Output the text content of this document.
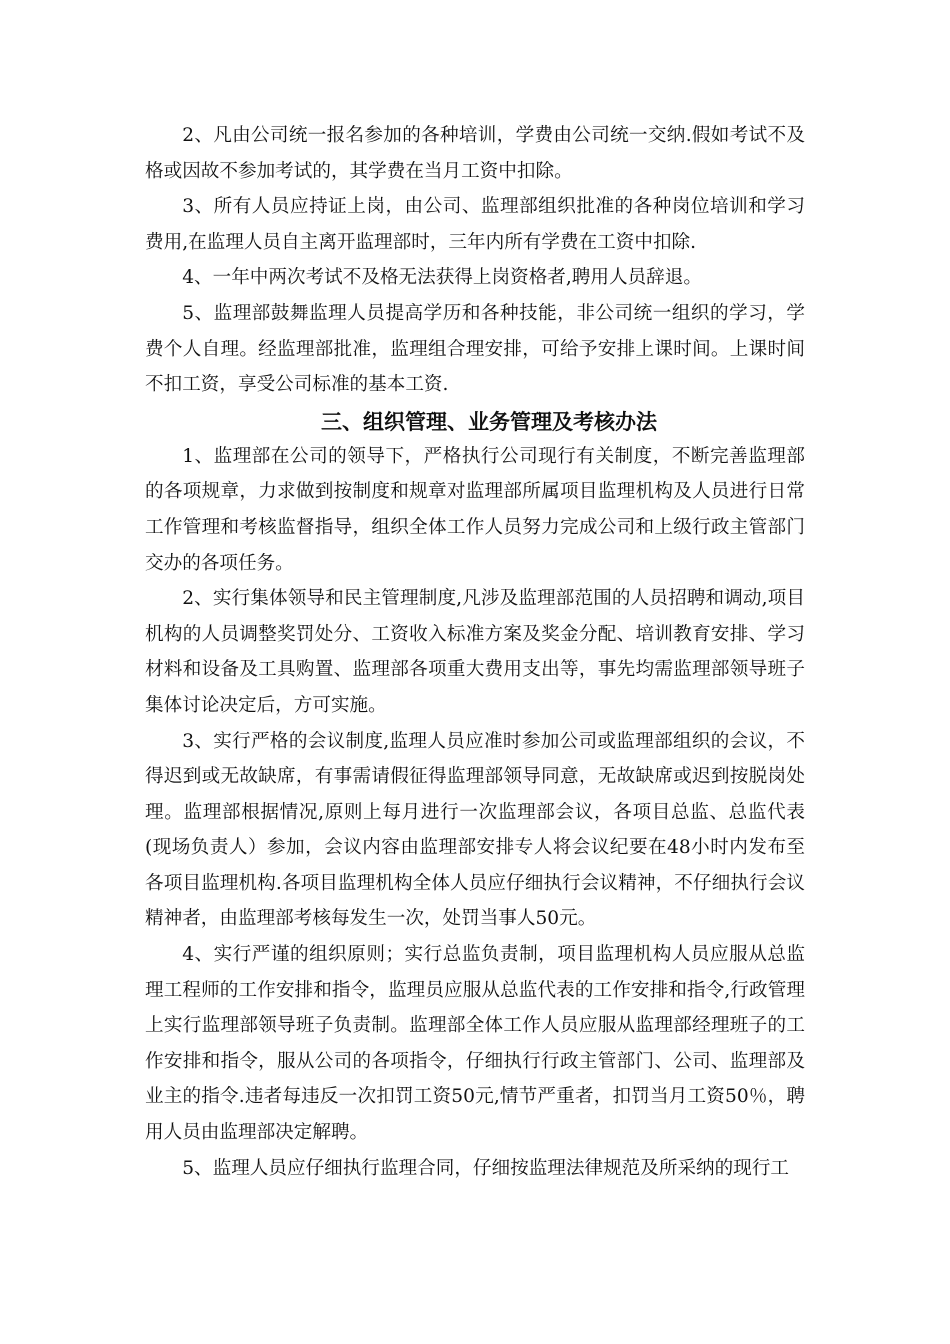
2、凡由公司统一报名参加的各种培训，学费由公司统一交纳.假如考试不及格或因故不参加考试的，其学费在当月工资中扣除。

3、所有人员应持证上岗，由公司、监理部组织批准的各种岗位培训和学习费用,在监理人员自主离开监理部时，三年内所有学费在工资中扣除.

4、一年中两次考试不及格无法获得上岗资格者,聘用人员辞退。

5、监理部鼓舞监理人员提高学历和各种技能，非公司统一组织的学习，学费个人自理。经监理部批准，监理组合理安排，可给予安排上课时间。上课时间不扣工资，享受公司标准的基本工资.

三、组织管理、业务管理及考核办法

1、监理部在公司的领导下，严格执行公司现行有关制度，不断完善监理部的各项规章，力求做到按制度和规章对监理部所属项目监理机构及人员进行日常工作管理和考核监督指导，组织全体工作人员努力完成公司和上级行政主管部门交办的各项任务。

2、实行集体领导和民主管理制度,凡涉及监理部范围的人员招聘和调动,项目机构的人员调整奖罚处分、工资收入标准方案及奖金分配、培训教育安排、学习材料和设备及工具购置、监理部各项重大费用支出等，事先均需监理部领导班子集体讨论决定后，方可实施。

3、实行严格的会议制度,监理人员应准时参加公司或监理部组织的会议，不得迟到或无故缺席，有事需请假征得监理部领导同意，无故缺席或迟到按脱岗处理。监理部根据情况,原则上每月进行一次监理部会议，各项目总监、总监代表(现场负责人）参加，会议内容由监理部安排专人将会议纪要在48小时内发布至各项目监理机构.各项目监理机构全体人员应仔细执行会议精神，不仔细执行会议精神者，由监理部考核每发生一次，处罚当事人50元。

4、实行严谨的组织原则；实行总监负责制，项目监理机构人员应服从总监理工程师的工作安排和指令，监理员应服从总监代表的工作安排和指令,行政管理上实行监理部领导班子负责制。监理部全体工作人员应服从监理部经理班子的工作安排和指令，服从公司的各项指令，仔细执行行政主管部门、公司、监理部及业主的指令.违者每违反一次扣罚工资50元,情节严重者，扣罚当月工资50％，聘用人员由监理部决定解聘。

5、监理人员应仔细执行监理合同，仔细按监理法律规范及所采纳的现行工
